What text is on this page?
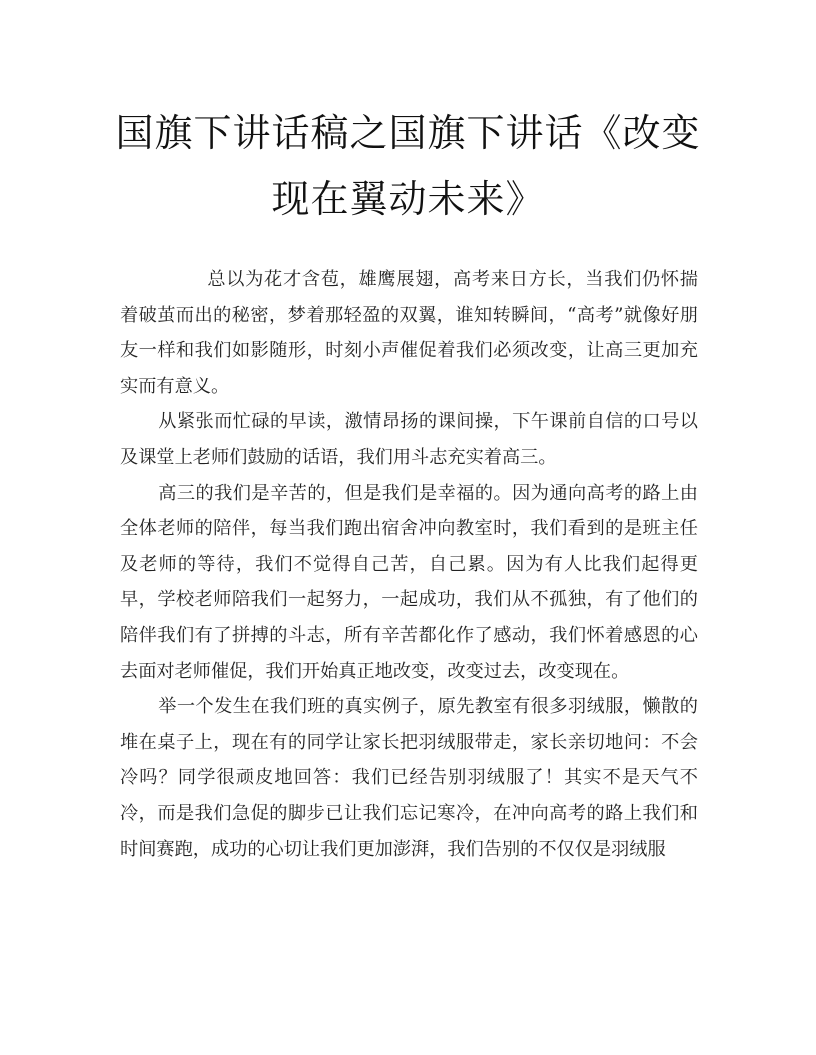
国旗下讲话稿之国旗下讲话《改变现在翼动未来》

总以为花才含苞，雄鹰展翅，高考来日方长，当我们仍怀揣着破茧而出的秘密，梦着那轻盈的双翼，谁知转瞬间，“高考”就像好朋友一样和我们如影随形，时刻小声催促着我们必须改变，让高三更加充实而有意义。

从紧张而忙碌的早读，激情昂扬的课间操，下午课前自信的口号以及课堂上老师们鼓励的话语，我们用斗志充实着高三。

高三的我们是辛苦的，但是我们是幸福的。因为通向高考的路上由全体老师的陪伴，每当我们跑出宿舍冲向教室时，我们看到的是班主任及老师的等待，我们不觉得自己苦，自己累。因为有人比我们起得更早，学校老师陪我们一起努力，一起成功，我们从不孤独，有了他们的陪伴我们有了拼搏的斗志，所有辛苦都化作了感动，我们怀着感恩的心去面对老师催促，我们开始真正地改变，改变过去，改变现在。

举一个发生在我们班的真实例子，原先教室有很多羽绒服，懒散的堆在桌子上，现在有的同学让家长把羽绒服带走，家长亲切地问：不会冷吗？同学很顽皮地回答：我们已经告别羽绒服了！其实不是天气不冷，而是我们急促的脚步已让我们忘记寒冷，在冲向高考的路上我们和时间赛跑，成功的心切让我们更加澎湃，我们告别的不仅仅是羽绒服
